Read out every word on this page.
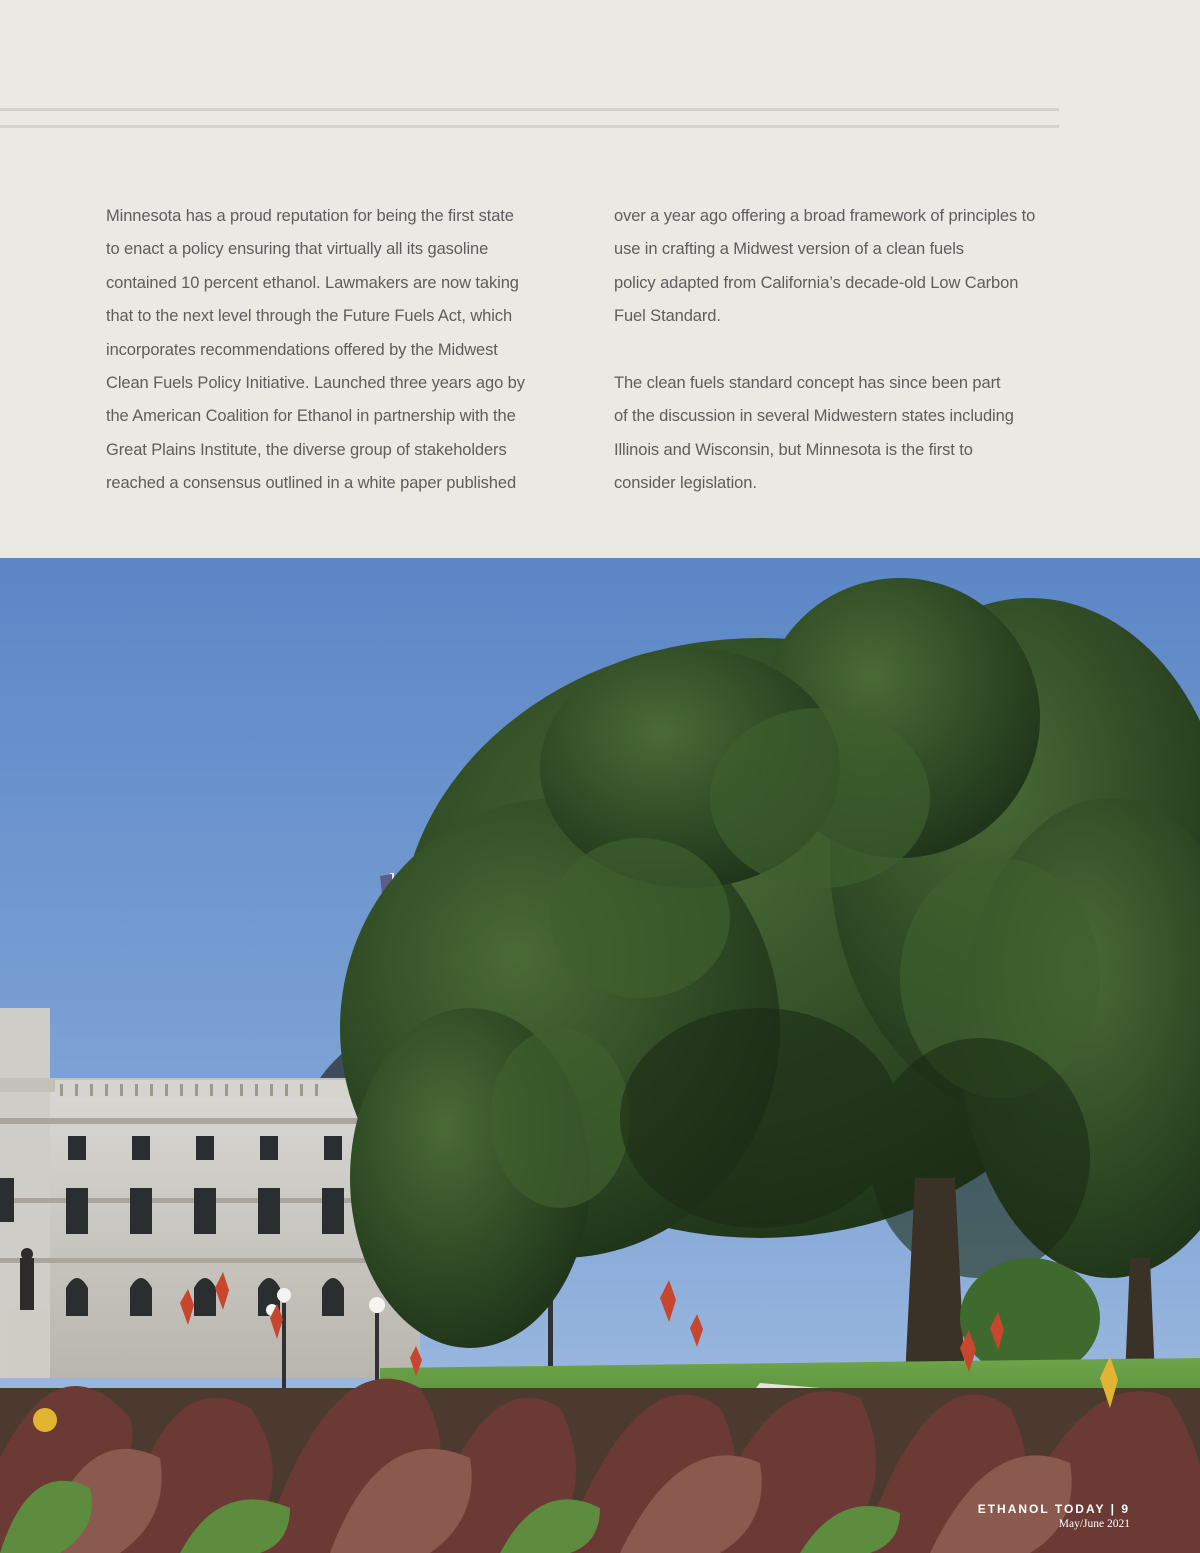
Minnesota has a proud reputation for being the first state
to enact a policy ensuring that virtually all its gasoline
contained 10 percent ethanol. Lawmakers are now taking
that to the next level through the Future Fuels Act, which
incorporates recommendations offered by the Midwest
Clean Fuels Policy Initiative. Launched three years ago by
the American Coalition for Ethanol in partnership with the
Great Plains Institute, the diverse group of stakeholders
reached a consensus outlined in a white paper published
over a year ago offering a broad framework of principles to
use in crafting a Midwest version of a clean fuels
policy adapted from California’s decade-old Low Carbon
Fuel Standard.
The clean fuels standard concept has since been part
of the discussion in several Midwestern states including
Illinois and Wisconsin, but Minnesota is the first to
consider legislation.
ETHANOL TODAY | 9
May/June 2021
